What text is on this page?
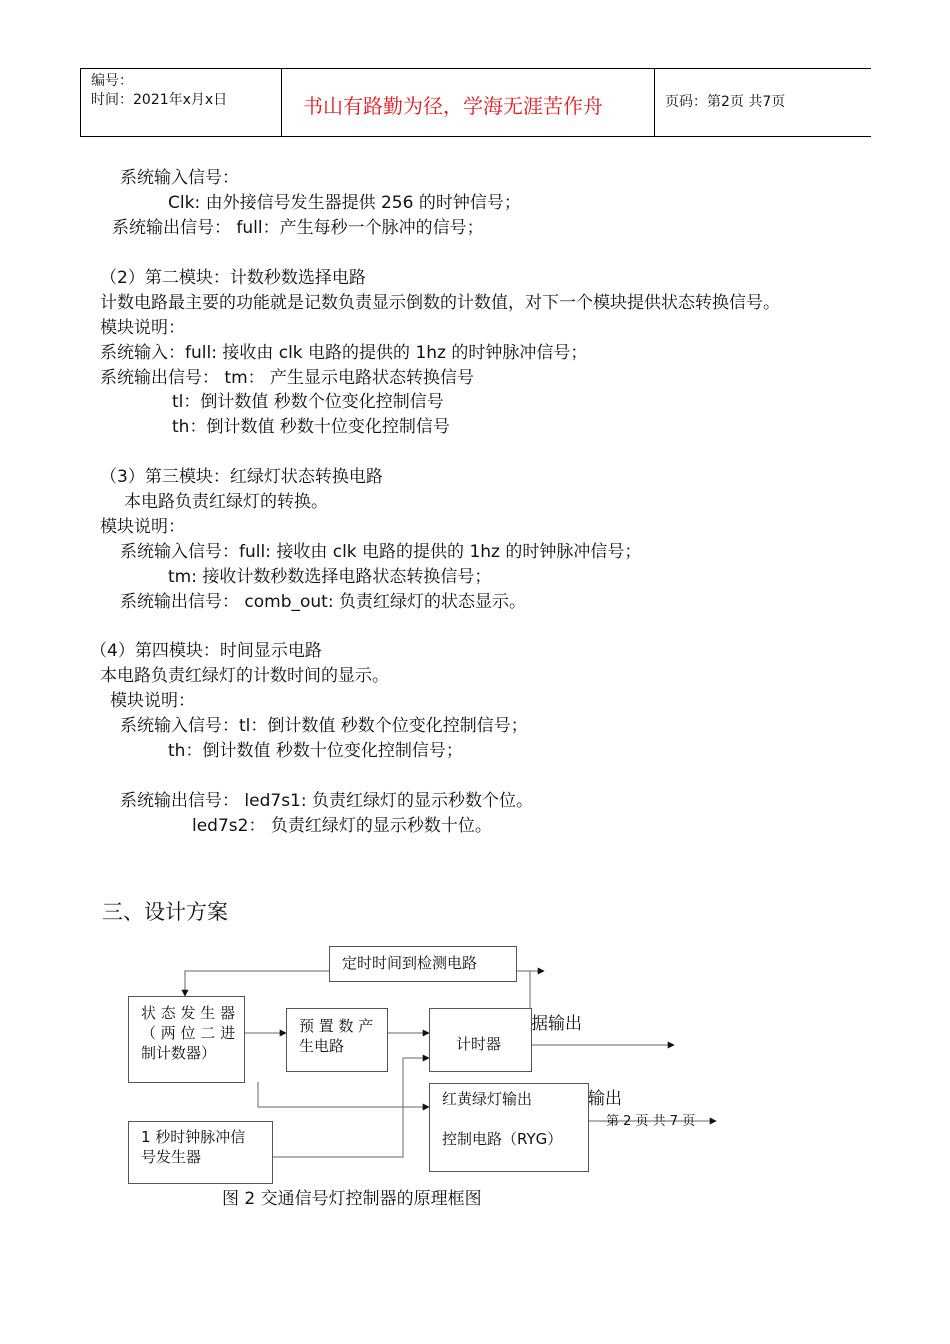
编号：
时间：2021年x月x日	书山有路勤为径，学海无涯苦作舟	页码：第2页 共7页
系统输入信号：
Clk: 由外接信号发生器提供 256 的时钟信号；
系统输出信号： full：产生每秒一个脉冲的信号；
（2）第二模块：计数秒数选择电路
计数电路最主要的功能就是记数负责显示倒数的计数值，对下一个模块提供状态转换信号。
模块说明：
系统输入：full: 接收由 clk 电路的提供的 1hz 的时钟脉冲信号；
系统输出信号： tm： 产生显示电路状态转换信号
tl：倒计数值 秒数个位变化控制信号
th：倒计数值 秒数十位变化控制信号
（3）第三模块：红绿灯状态转换电路
本电路负责红绿灯的转换。
模块说明：
系统输入信号：full: 接收由 clk 电路的提供的 1hz 的时钟脉冲信号；
tm: 接收计数秒数选择电路状态转换信号；
系统输出信号： comb_out: 负责红绿灯的状态显示。
（4）第四模块：时间显示电路
本电路负责红绿灯的计数时间的显示。
模块说明：
系统输入信号：tl：倒计数值 秒数个位变化控制信号；
th：倒计数值 秒数十位变化控制信号；
系统输出信号： led7s1: 负责红绿灯的显示秒数个位。
led7s2： 负责红绿灯的显示秒数十位。
三、设计方案
定时时间到检测电路
状 态 发 生 器
（ 两 位 二 进
制计数器）
预 置 数 产
生电路	计时器
据输出
红黄绿灯输出
控制电路（RYG）
输出
第 2 页 共 7 页
1 秒时钟脉冲信
号发生器
图 2 交通信号灯控制器的原理框图
